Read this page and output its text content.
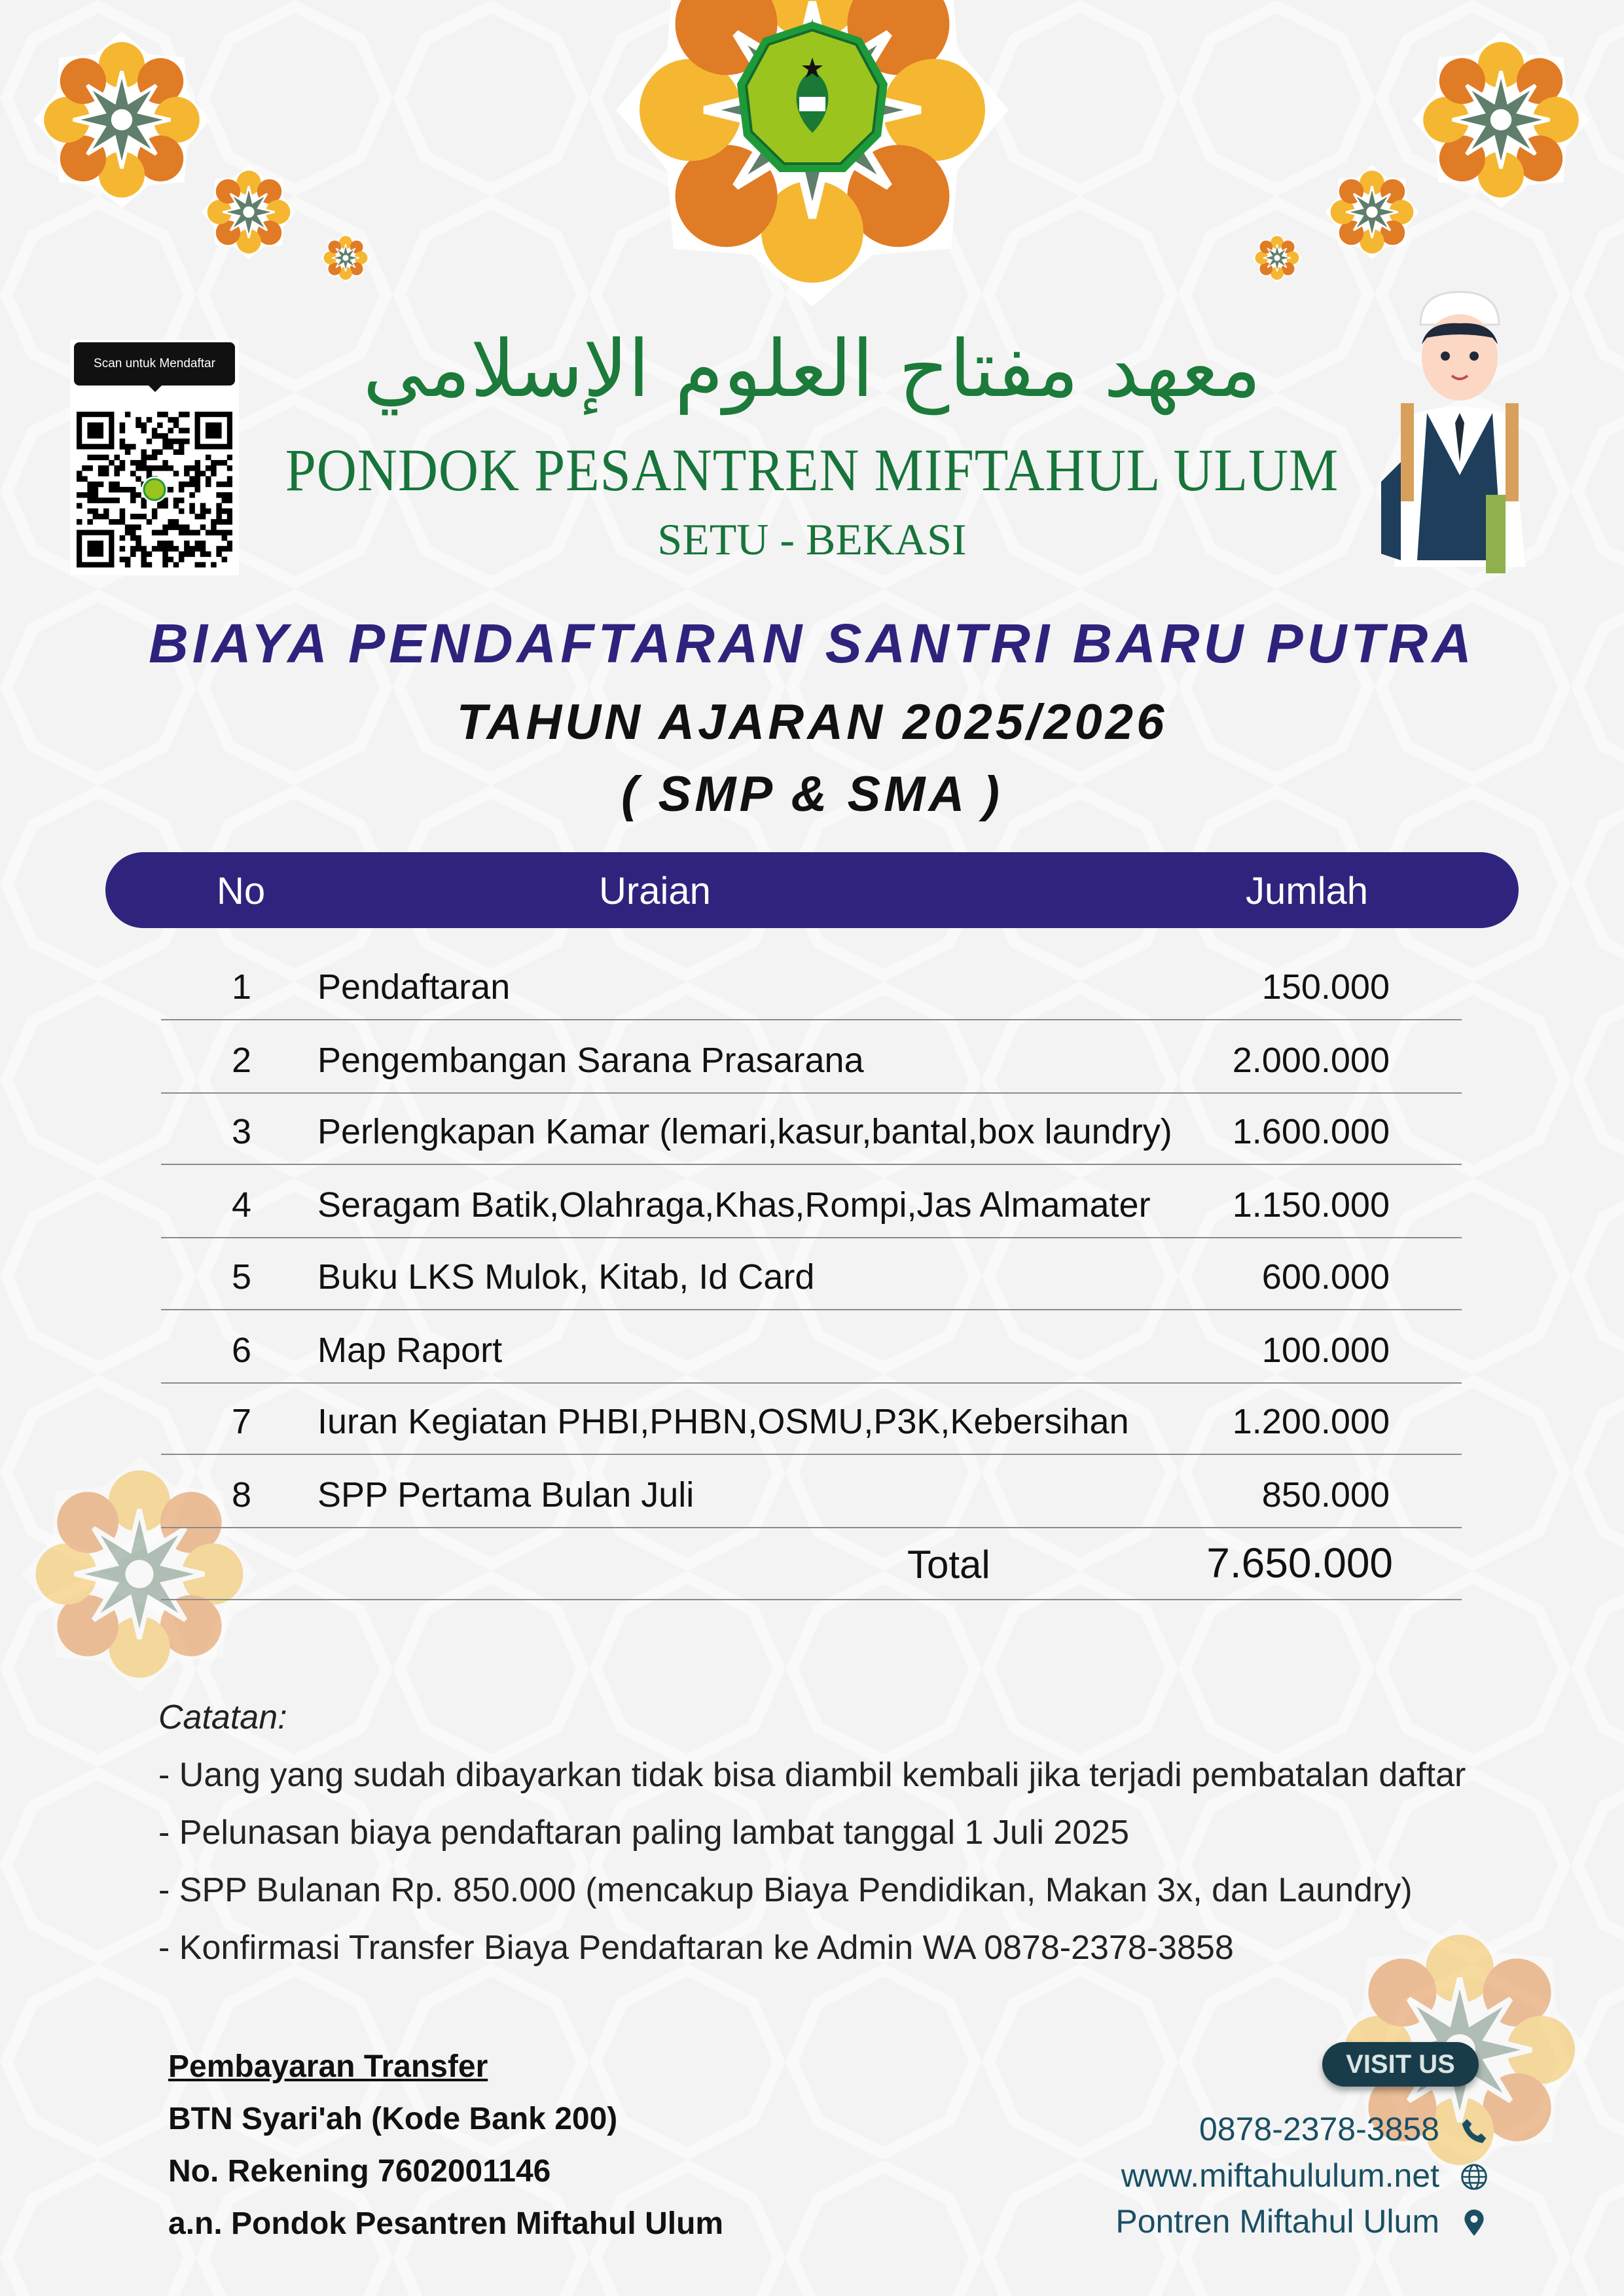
معهد مفتاح العلوم الإسلامي
Scan untuk Mendaftar
PONDOK PESANTREN MIFTAHUL ULUM
SETU - BEKASI
BIAYA PENDAFTARAN SANTRI BARU PUTRA
TAHUN AJARAN 2025/2026
( SMP & SMA )
No	Uraian	Jumlah
1	Pendaftaran	150.000
2	Pengembangan Sarana Prasarana	2.000.000
3	Perlengkapan Kamar (lemari,kasur,bantal,box laundry) 1.600.000
4	Seragam Batik,Olahraga,Khas,Rompi,Jas Almamater 1.150.000
5	Buku LKS Mulok, Kitab, Id Card	600.000
6	Map Raport	100.000
7	Iuran Kegiatan PHBI,PHBN,OSMU,P3K,Kebersihan	1.200.000
8	SPP Pertama Bulan Juli	850.000
Total	7.650.000
Catatan:
- Uang yang sudah dibayarkan tidak bisa diambil kembali jika terjadi pembatalan daftar
- Pelunasan biaya pendaftaran paling lambat tanggal 1 Juli 2025
- SPP Bulanan Rp. 850.000 (mencakup Biaya Pendidikan, Makan 3x, dan Laundry)
- Konfirmasi Transfer Biaya Pendaftaran ke Admin WA 0878-2378-3858
Pembayaran Transfer
BTN Syari'ah (Kode Bank 200)
No. Rekening 7602001146
a.n. Pondok Pesantren Miftahul Ulum
VISIT US
0878-2378-3858
www.miftahululum.net
Pontren Miftahul Ulum
